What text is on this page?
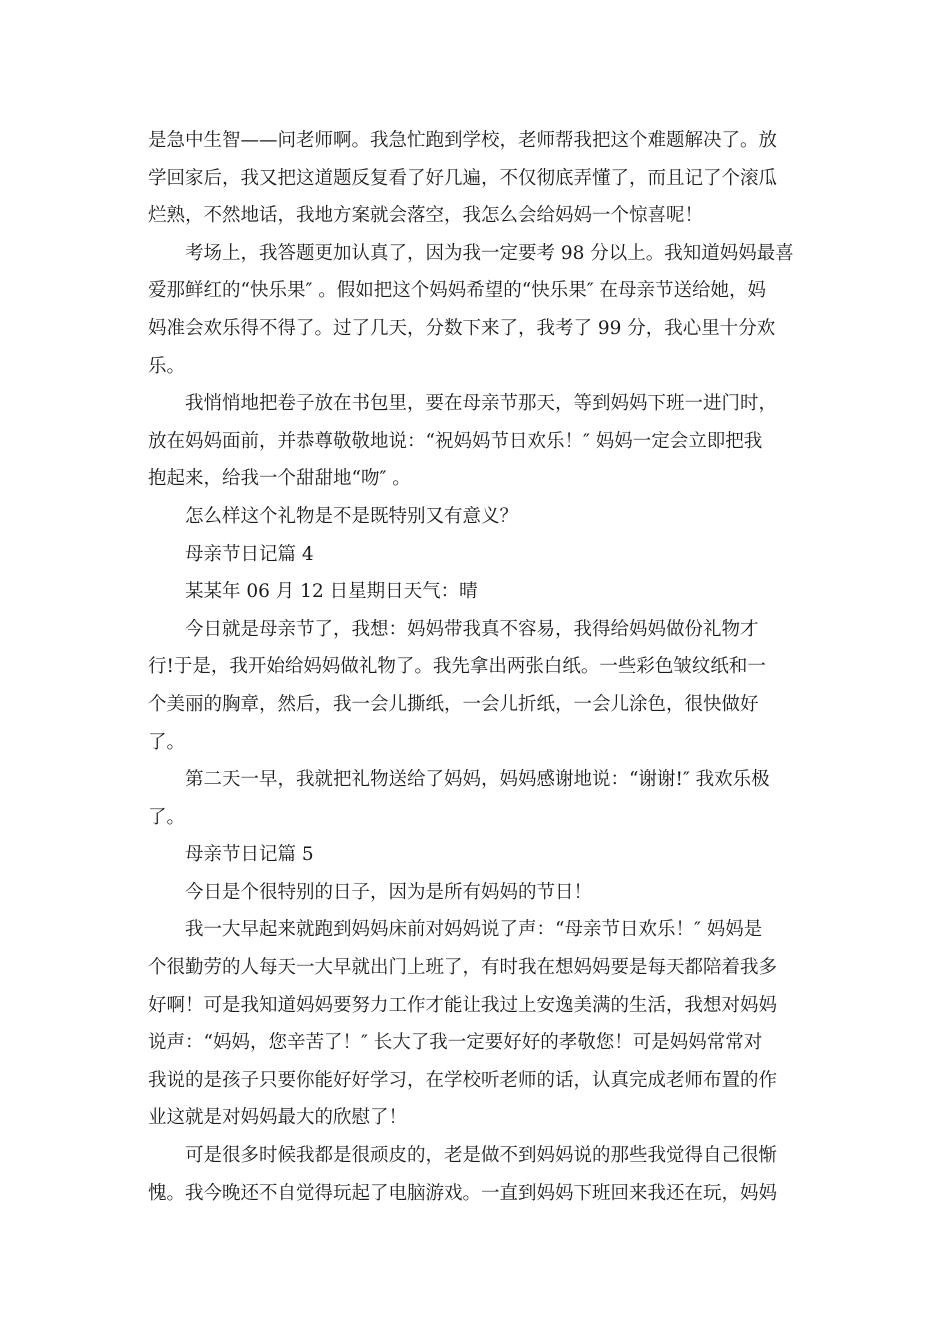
是急中生智——问老师啊。我急忙跑到学校，老师帮我把这个难题解决了。放
学回家后，我又把这道题反复看了好几遍，不仅彻底弄懂了，而且记了个滚瓜
烂熟，不然地话，我地方案就会落空，我怎么会给妈妈一个惊喜呢！
考场上，我答题更加认真了，因为我一定要考 98 分以上。我知道妈妈最喜
爱那鲜红的“快乐果″ 。假如把这个妈妈希望的“快乐果″ 在母亲节送给她，妈
妈准会欢乐得不得了。过了几天，分数下来了，我考了 99 分，我心里十分欢
乐。
我悄悄地把卷子放在书包里，要在母亲节那天，等到妈妈下班一进门时，
放在妈妈面前，并恭尊敬敬地说：“祝妈妈节日欢乐！″ 妈妈一定会立即把我
抱起来，给我一个甜甜地“吻″ 。
怎么样这个礼物是不是既特别又有意义？
母亲节日记篇 4
某某年 06 月 12 日星期日天气：晴
今日就是母亲节了，我想：妈妈带我真不容易，我得给妈妈做份礼物才
行!于是，我开始给妈妈做礼物了。我先拿出两张白纸。一些彩色皱纹纸和一
个美丽的胸章，然后，我一会儿撕纸，一会儿折纸，一会儿涂色，很快做好
了。
第二天一早，我就把礼物送给了妈妈，妈妈感谢地说：“谢谢!″ 我欢乐极
了。
母亲节日记篇 5
今日是个很特别的日子，因为是所有妈妈的节日！
我一大早起来就跑到妈妈床前对妈妈说了声：“母亲节日欢乐！″ 妈妈是
个很勤劳的人每天一大早就出门上班了，有时我在想妈妈要是每天都陪着我多
好啊！可是我知道妈妈要努力工作才能让我过上安逸美满的生活，我想对妈妈
说声：“妈妈，您辛苦了！″ 长大了我一定要好好的孝敬您！可是妈妈常常对
我说的是孩子只要你能好好学习，在学校听老师的话，认真完成老师布置的作
业这就是对妈妈最大的欣慰了！
可是很多时候我都是很顽皮的，老是做不到妈妈说的那些我觉得自己很惭
愧。我今晚还不自觉得玩起了电脑游戏。一直到妈妈下班回来我还在玩，妈妈
